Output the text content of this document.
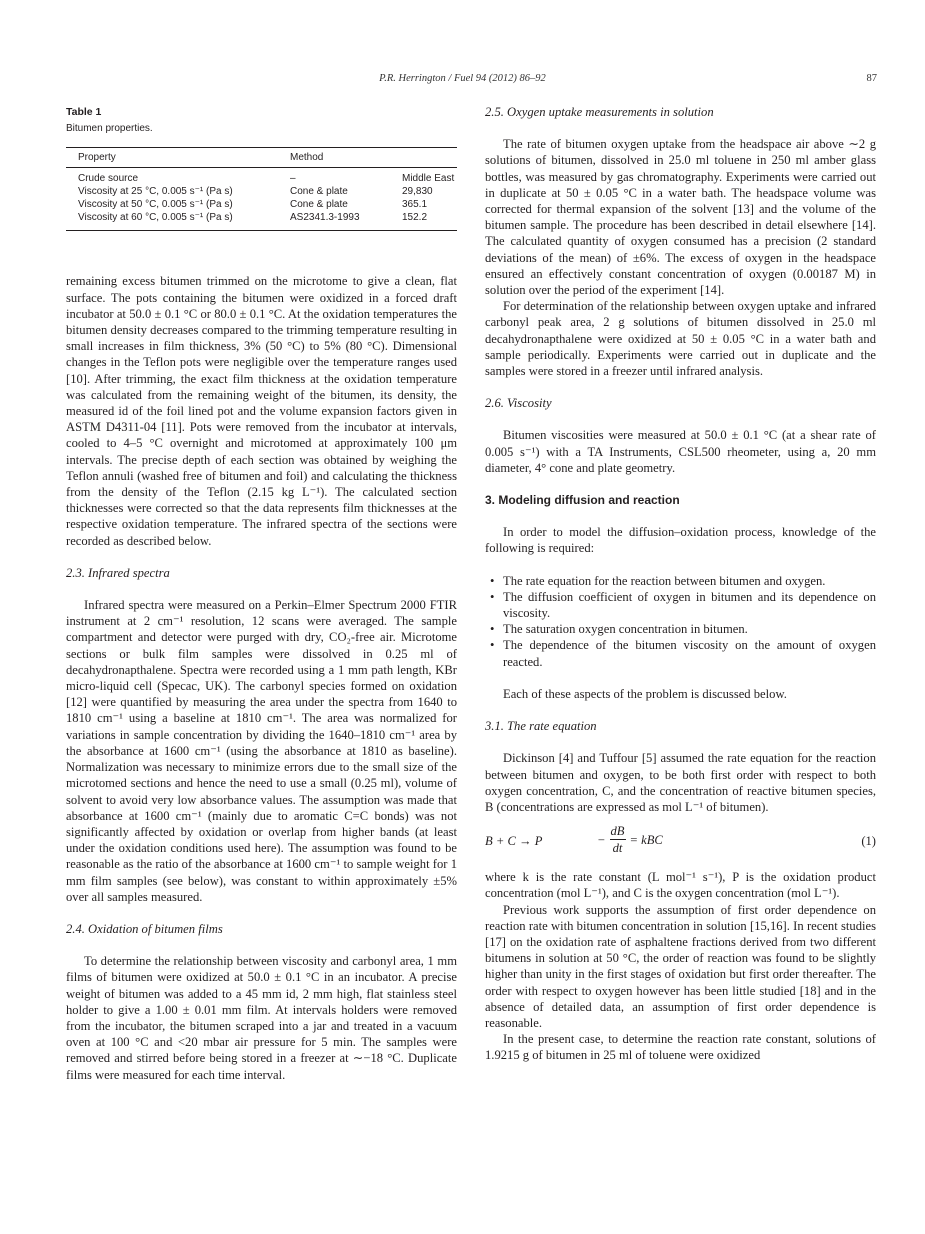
P.R. Herrington / Fuel 94 (2012) 86–92	87
Table 1
Bitumen properties.
Property	Method	
Crude source	–	Middle East
Viscosity at 25 °C, 0.005 s⁻¹ (Pa s)	Cone & plate	29,830
Viscosity at 50 °C, 0.005 s⁻¹ (Pa s)	Cone & plate	365.1
Viscosity at 60 °C, 0.005 s⁻¹ (Pa s)	AS2341.3-1993	152.2

remaining excess bitumen trimmed on the microtome to give a clean, flat surface. The pots containing the bitumen were oxidized in a forced draft incubator at 50.0 ± 0.1 °C or 80.0 ± 0.1 °C. At the oxidation temperatures the bitumen density decreases compared to the trimming temperature resulting in small increases in film thickness, 3% (50 °C) to 5% (80 °C). Dimensional changes in the Teflon pots were negligible over the temperature ranges used [10]. After trimming, the exact film thickness at the oxidation temperature was calculated from the remaining weight of the bitumen, its density, the measured id of the foil lined pot and the volume expansion factors given in ASTM D4311-04 [11]. Pots were removed from the incubator at intervals, cooled to 4–5 °C overnight and microtomed at approximately 100 μm intervals. The precise depth of each section was obtained by weighing the Teflon annuli (washed free of bitumen and foil) and calculating the thickness from the density of the Teflon (2.15 kg L⁻¹). The calculated section thicknesses were corrected so that the data represents film thicknesses at the respective oxidation temperature. The infrared spectra of the sections were recorded as described below.

2.3. Infrared spectra

Infrared spectra were measured on a Perkin–Elmer Spectrum 2000 FTIR instrument at 2 cm⁻¹ resolution, 12 scans were averaged. The sample compartment and detector were purged with dry, CO₂-free air. Microtome sections or bulk film samples were dissolved in 0.25 ml of decahydronapthalene. Spectra were recorded using a 1 mm path length, KBr micro-liquid cell (Specac, UK). The carbonyl species formed on oxidation [12] were quantified by measuring the area under the spectra from 1640 to 1810 cm⁻¹ using a baseline at 1810 cm⁻¹. The area was normalized for variations in sample concentration by dividing the 1640–1810 cm⁻¹ area by the absorbance at 1600 cm⁻¹ (using the absorbance at 1810 as baseline). Normalization was necessary to minimize errors due to the small size of the microtomed sections and hence the need to use a small (0.25 ml), volume of solvent to avoid very low absorbance values. The assumption was made that absorbance at 1600 cm⁻¹ (mainly due to aromatic C=C bonds) was not significantly affected by oxidation or overlap from higher bands (at least under the oxidation conditions used here). The assumption was found to be reasonable as the ratio of the absorbance at 1600 cm⁻¹ to sample weight for 1 mm film samples (see below), was constant to within approximately ±5% over all samples measured.

2.4. Oxidation of bitumen films

To determine the relationship between viscosity and carbonyl area, 1 mm films of bitumen were oxidized at 50.0 ± 0.1 °C in an incubator. A precise weight of bitumen was added to a 45 mm id, 2 mm high, flat stainless steel holder to give a 1.00 ± 0.01 mm film. At intervals holders were removed from the incubator, the bitumen scraped into a jar and treated in a vacuum oven at 100 °C and <20 mbar air pressure for 5 min. The samples were removed and stirred before being stored in a freezer at ∼−18 °C. Duplicate films were measured for each time interval.

2.5. Oxygen uptake measurements in solution

The rate of bitumen oxygen uptake from the headspace air above ∼2 g solutions of bitumen, dissolved in 25.0 ml toluene in 250 ml amber glass bottles, was measured by gas chromatography. Experiments were carried out in duplicate at 50 ± 0.05 °C in a water bath. The headspace volume was corrected for thermal expansion of the solvent [13] and the volume of the bitumen sample. The procedure has been described in detail elsewhere [14]. The calculated quantity of oxygen consumed has a precision (2 standard deviations of the mean) of ±6%. The excess of oxygen in the headspace ensured an effectively constant concentration of oxygen (0.00187 M) in solution over the period of the experiment [14].

For determination of the relationship between oxygen uptake and infrared carbonyl peak area, 2 g solutions of bitumen dissolved in 25.0 ml decahydronapthalene were oxidized at 50 ± 0.05 °C in a water bath and sample periodically. Experiments were carried out in duplicate and the samples were stored in a freezer until infrared analysis.

2.6. Viscosity

Bitumen viscosities were measured at 50.0 ± 0.1 °C (at a shear rate of 0.005 s⁻¹) with a TA Instruments, CSL500 rheometer, using a, 20 mm diameter, 4° cone and plate geometry.

3. Modeling diffusion and reaction

In order to model the diffusion–oxidation process, knowledge of the following is required:

• The rate equation for the reaction between bitumen and oxygen.
• The diffusion coefficient of oxygen in bitumen and its dependence on viscosity.
• The saturation oxygen concentration in bitumen.
• The dependence of the bitumen viscosity on the amount of oxygen reacted.

Each of these aspects of the problem is discussed below.

3.1. The rate equation

Dickinson [4] and Tuffour [5] assumed the rate equation for the reaction between bitumen and oxygen, to be both first order with respect to both oxygen concentration, C, and the concentration of reactive bitumen species, B (concentrations are expressed as mol L⁻¹ of bitumen).

B + C → P	− $\frac{dB}{dt}$ = kBC	(1)

where k is the rate constant (L mol⁻¹ s⁻¹), P is the oxidation product concentration (mol L⁻¹), and C is the oxygen concentration (mol L⁻¹).

Previous work supports the assumption of first order dependence on reaction rate with bitumen concentration in solution [15,16]. In recent studies [17] on the oxidation rate of asphaltene fractions derived from two different bitumens in solution at 50 °C, the order of reaction was found to be slightly higher than unity in the first stages of oxidation but first order thereafter. The order with respect to oxygen however has been little studied [18] and in the absence of detailed data, an assumption of first order dependence is reasonable.

In the present case, to determine the reaction rate constant, solutions of 1.9215 g of bitumen in 25 ml of toluene were oxidized
